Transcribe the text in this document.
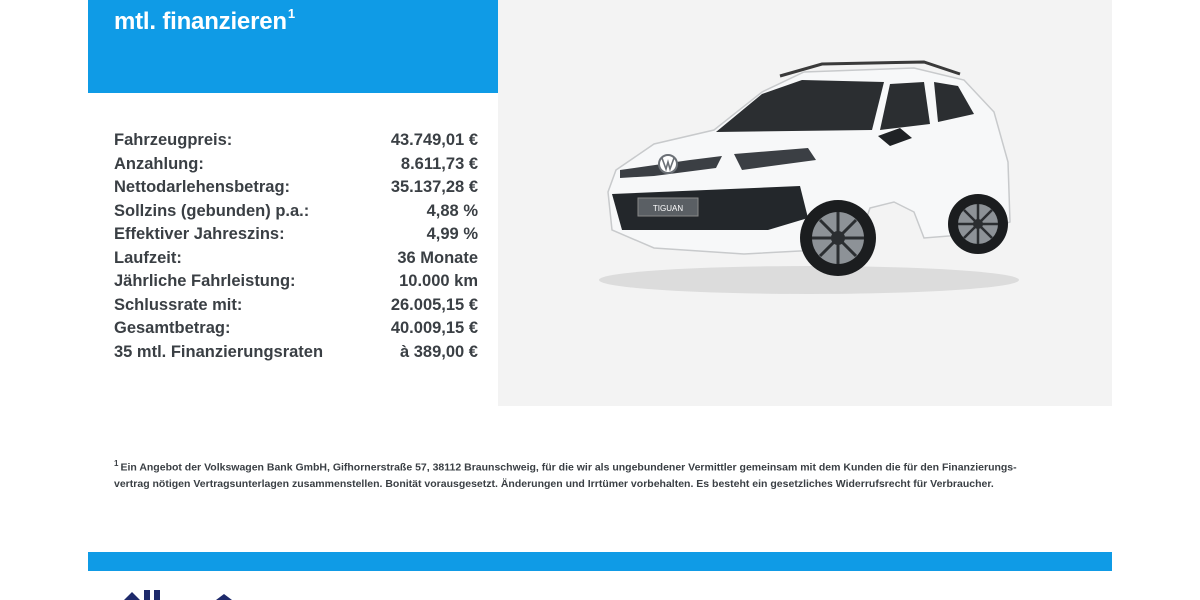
mtl. finanzieren$^1$
Fahrzeugpreis:	43.749,01 €
Anzahlung:	8.611,73 €
Nettodarlehensbetrag:	35.137,28 €
Sollzins (gebunden) p.a.:	4,88 %
Effektiver Jahreszins:	4,99 %
Laufzeit:	36 Monate
Jährliche Fahrleistung:	10.000 km
Schlussrate mit:	26.005,15 €
Gesamtbetrag:	40.009,15 €
35 mtl. Finanzierungsraten	à 389,00 €
TIGUAN
$^1$ Ein Angebot der Volkswagen Bank GmbH, Gifhornerstraße 57, 38112 Braunschweig, für die wir als ungebundener Vermittler gemeinsam mit dem Kunden die für den Finanzierungs-vertrag nötigen Vertragsunterlagen zusammenstellen. Bonität vorausgesetzt. Änderungen und Irrtümer vorbehalten. Es besteht ein gesetzliches Widerrufsrecht für Verbraucher.
